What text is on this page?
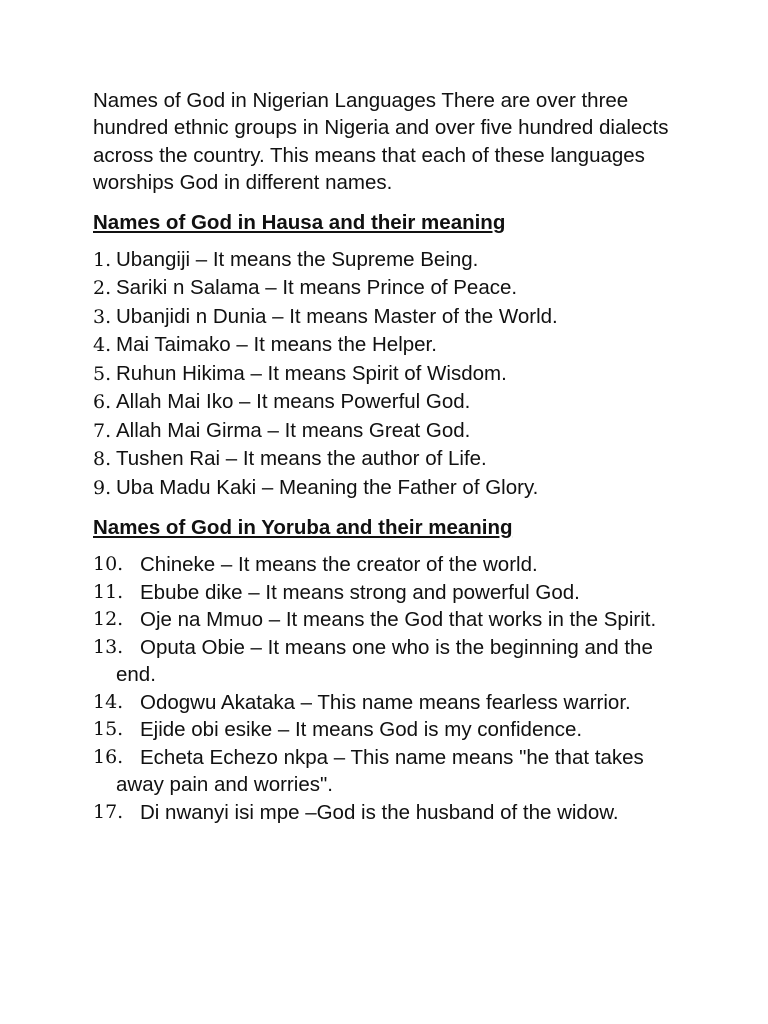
Names of God in Nigerian Languages There are over three hundred ethnic groups in Nigeria and over five hundred dialects across the country. This means that each of these languages worships God in different names.

Names of God in Hausa and their meaning
1. Ubangiji – It means the Supreme Being.
2. Sariki n Salama – It means Prince of Peace.
3. Ubanjidi n Dunia – It means Master of the World.
4. Mai Taimako – It means the Helper.
5. Ruhun Hikima – It means Spirit of Wisdom.
6. Allah Mai Iko – It means Powerful God.
7. Allah Mai Girma – It means Great God.
8. Tushen Rai – It means the author of Life.
9. Uba Madu Kaki – Meaning the Father of Glory.
Names of God in Yoruba and their meaning
10. Chineke – It means the creator of the world.
11. Ebube dike – It means strong and powerful God.
12. Oje na Mmuo – It means the God that works in the Spirit.
13. Oputa Obie – It means one who is the beginning and the end.
14. Odogwu Akataka – This name means fearless warrior.
15. Ejide obi esike – It means God is my confidence.
16. Echeta Echezo nkpa – This name means "he that takes away pain and worries".
17. Di nwanyi isi mpe –God is the husband of the widow.
